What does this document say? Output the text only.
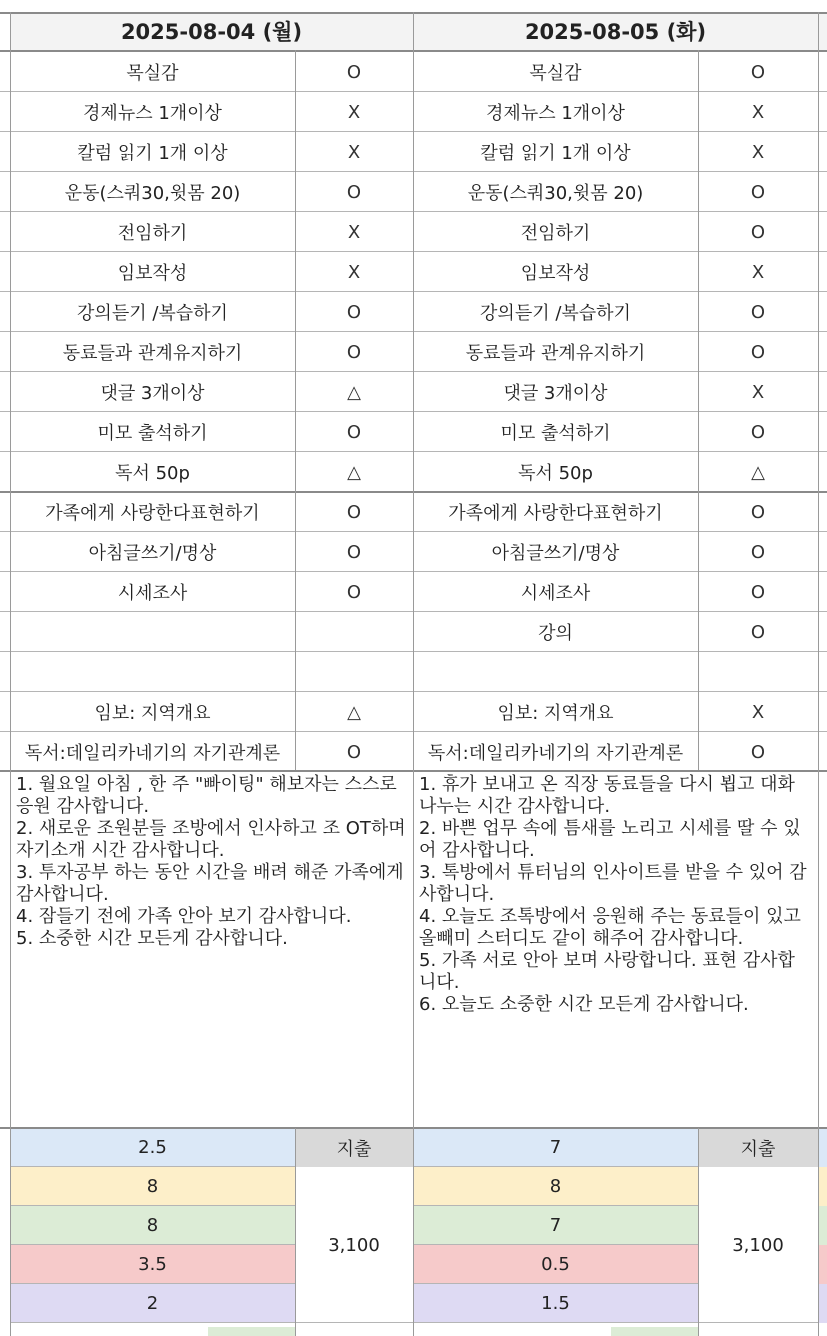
2025-08-04 (월)
목실감	O
경제뉴스 1개이상	X
칼럼 읽기 1개 이상	X
운동(스쿼30,윗몸 20)	O
전임하기	X
임보작성	X
강의듣기 /복습하기	O
동료들과 관계유지하기	O
댓글 3개이상	△
미모 출석하기	O
독서 50p	△
가족에게 사랑한다표현하기	O
아침글쓰기/명상	O
시세조사	O
임보: 지역개요	△
독서:데일리카네기의 자기관계론	O
1. 월요일 아침 , 한 주 "빠이팅" 해보자는 스스로 응원 감사합니다.
2. 새로운 조원분들 조방에서 인사하고 조 OT하며 자기소개 시간 감사합니다.
3. 투자공부 하는 동안 시간을 배려 해준 가족에게 감사합니다.
4. 잠들기 전에 가족 안아 보기 감사합니다.
5. 소중한 시간 모든게 감사합니다.
2.5	지출
8
8
3.5
2
3,100
2025-08-05 (화)
목실감	O
경제뉴스 1개이상	X
칼럼 읽기 1개 이상	X
운동(스쿼30,윗몸 20)	O
전임하기	O
임보작성	X
강의듣기 /복습하기	O
동료들과 관계유지하기	O
댓글 3개이상	X
미모 출석하기	O
독서 50p	△
가족에게 사랑한다표현하기	O
아침글쓰기/명상	O
시세조사	O
강의	O
임보: 지역개요	X
독서:데일리카네기의 자기관계론	O
1. 휴가 보내고 온 직장 동료들을 다시 뵙고 대화 나누는 시간 감사합니다.
2. 바쁜 업무 속에 틈새를 노리고 시세를 딸 수 있어 감사합니다.
3. 톡방에서 튜터님의 인사이트를 받을 수 있어 감사합니다.
4. 오늘도 조톡방에서 응원해 주는 동료들이 있고 올빼미 스터디도 같이 해주어 감사합니다.
5. 가족 서로 안아 보며 사랑합니다. 표현 감사합니다.
6. 오늘도 소중한 시간 모든게 감사합니다.
7	지출
8
7
0.5
1.5
3,100
